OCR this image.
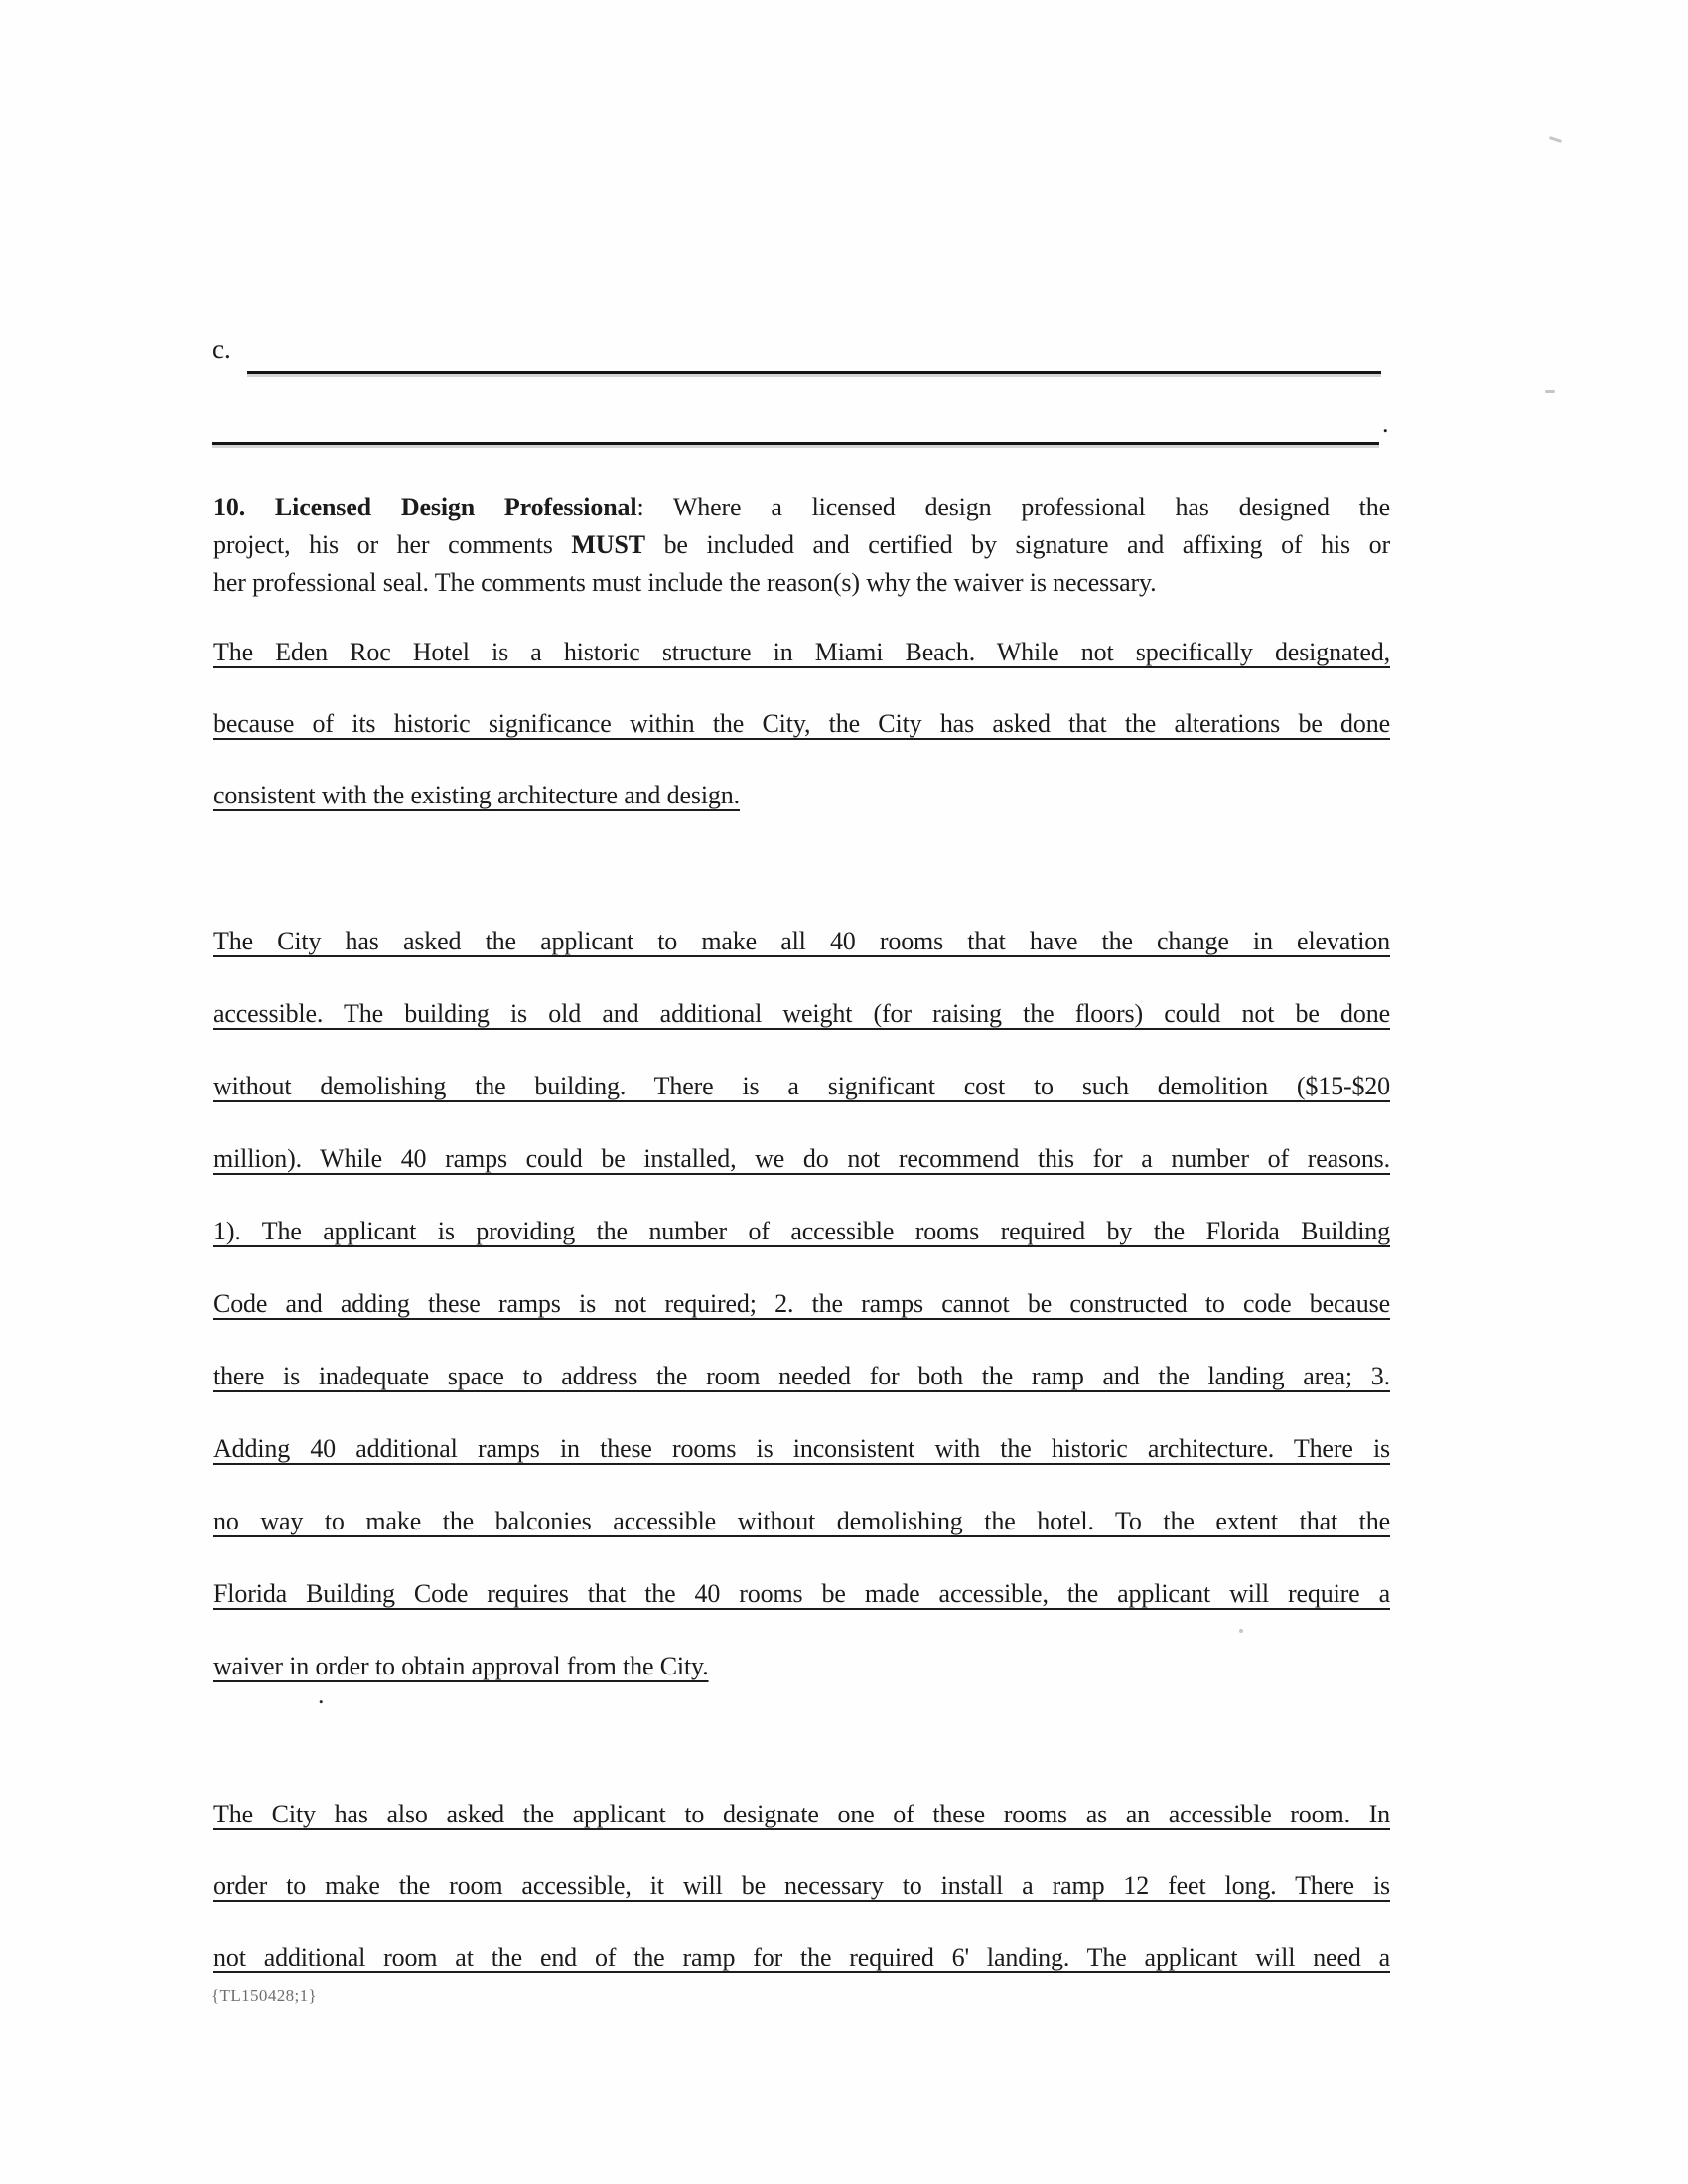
c.
.
10. Licensed Design Professional: Where a licensed design professional has designed the
project, his or her comments MUST be included and certified by signature and affixing of his or
her professional seal. The comments must include the reason(s) why the waiver is necessary.
The Eden Roc Hotel is a historic structure in Miami Beach. While not specifically designated,
because of its historic significance within the City, the City has asked that the alterations be done
consistent with the existing architecture and design.
The City has asked the applicant to make all 40 rooms that have the change in elevation
accessible. The building is old and additional weight (for raising the floors) could not be done
without demolishing the building. There is a significant cost to such demolition ($15-$20
million). While 40 ramps could be installed, we do not recommend this for a number of reasons.
1). The applicant is providing the number of accessible rooms required by the Florida Building
Code and adding these ramps is not required; 2. the ramps cannot be constructed to code because
there is inadequate space to address the room needed for both the ramp and the landing area; 3.
Adding 40 additional ramps in these rooms is inconsistent with the historic architecture. There is
no way to make the balconies accessible without demolishing the hotel. To the extent that the
Florida Building Code requires that the 40 rooms be made accessible, the applicant will require a
waiver in order to obtain approval from the City.
.
The City has also asked the applicant to designate one of these rooms as an accessible room. In
order to make the room accessible, it will be necessary to install a ramp 12 feet long. There is
not additional room at the end of the ramp for the required 6' landing. The applicant will need a
{TL150428;1}
